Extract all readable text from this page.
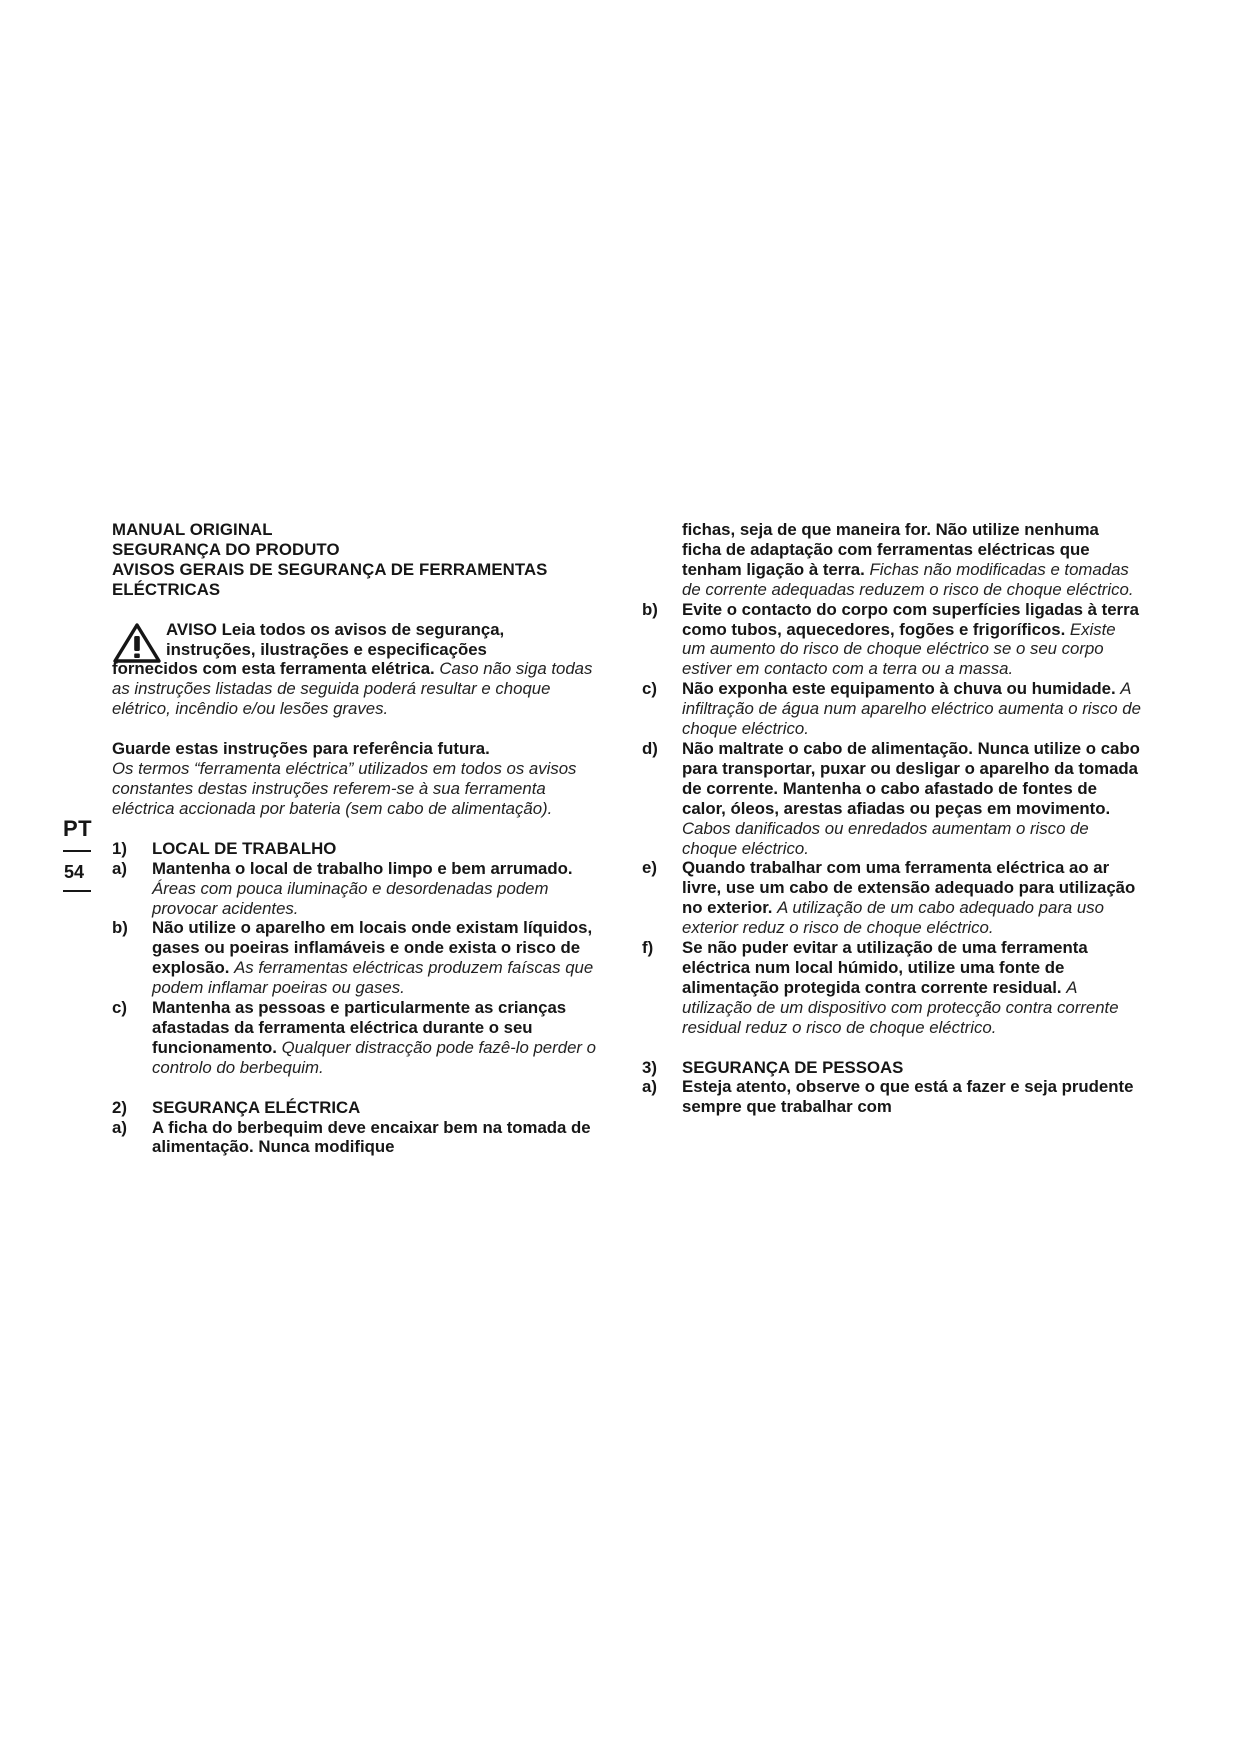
PT
54

MANUAL ORIGINAL

SEGURANÇA DO PRODUTO

AVISOS GERAIS DE SEGURANÇA DE FERRAMENTAS

ELÉCTRICAS

AVISO Leia todos os avisos de segurança,

instruções, ilustrações e especificações

fornecidos com esta ferramenta elétrica. Caso não siga todas as instruções listadas de seguida poderá resultar e choque elétrico, incêndio e/ou lesões graves.

Guarde estas instruções para referência futura.

Os termos “ferramenta eléctrica” utilizados em todos os avisos constantes destas instruções referem-se à sua ferramenta eléctrica accionada por bateria (sem cabo de alimentação).

1) LOCAL DE TRABALHO
a) Mantenha o local de trabalho limpo e bem arrumado. Áreas com pouca iluminação e desordenadas podem provocar acidentes.
b) Não utilize o aparelho em locais onde existam líquidos, gases ou poeiras inflamáveis e onde exista o risco de explosão. As ferramentas eléctricas produzem faíscas que podem inflamar poeiras ou gases.
c) Mantenha as pessoas e particularmente as crianças afastadas da ferramenta eléctrica durante o seu funcionamento. Qualquer distracção pode fazê-lo perder o controlo do berbequim.
2) SEGURANÇA ELÉCTRICA
a) A ficha do berbequim deve encaixar bem na tomada de alimentação. Nunca modifique
fichas, seja de que maneira for. Não utilize nenhuma ficha de adaptação com ferramentas eléctricas que tenham ligação à terra. Fichas não modificadas e tomadas de corrente adequadas reduzem o risco de choque eléctrico.
b) Evite o contacto do corpo com superfícies ligadas à terra como tubos, aquecedores, fogões e frigoríficos. Existe um aumento do risco de choque eléctrico se o seu corpo estiver em contacto com a terra ou a massa.
c) Não exponha este equipamento à chuva ou humidade. A infiltração de água num aparelho eléctrico aumenta o risco de choque eléctrico.
d) Não maltrate o cabo de alimentação. Nunca utilize o cabo para transportar, puxar ou desligar o aparelho da tomada de corrente. Mantenha o cabo afastado de fontes de calor, óleos, arestas afiadas ou peças em movimento. Cabos danificados ou enredados aumentam o risco de choque eléctrico.
e) Quando trabalhar com uma ferramenta eléctrica ao ar livre, use um cabo de extensão adequado para utilização no exterior. A utilização de um cabo adequado para uso exterior reduz o risco de choque eléctrico.
f) Se não puder evitar a utilização de uma ferramenta eléctrica num local húmido, utilize uma fonte de alimentação protegida contra corrente residual. A utilização de um dispositivo com protecção contra corrente residual reduz o risco de choque eléctrico.
3) SEGURANÇA DE PESSOAS
a) Esteja atento, observe o que está a fazer e seja prudente sempre que trabalhar com
